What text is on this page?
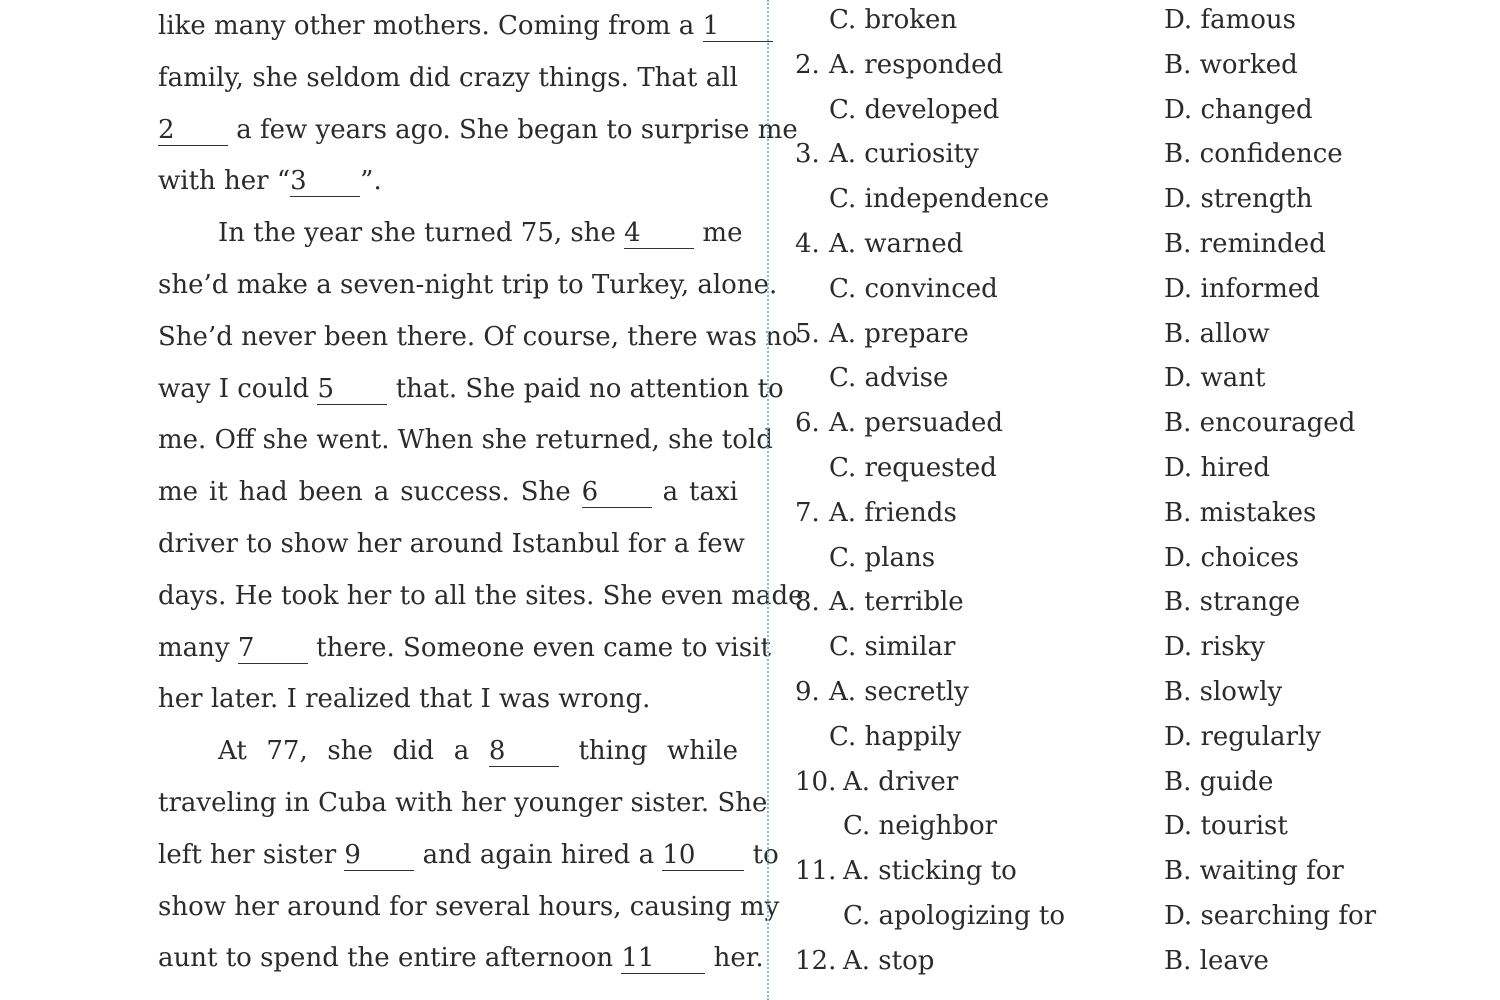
like many other mothers. Coming from a 1
family, she seldom did crazy things. That all
2 a few years ago. She began to surprise me
with her “3 ”.
In the year she turned 75, she 4 me
she’d make a seven-night trip to Turkey, alone.
She’d never been there. Of course, there was no
way I could 5 that. She paid no attention to
me. Off she went. When she returned, she told
me it had been a success. She 6 a taxi
driver to show her around Istanbul for a few
days. He took her to all the sites. She even made
many 7 there. Someone even came to visit
her later. I realized that I was wrong.
At 77, she did a 8 thing while
traveling in Cuba with her younger sister. She
left her sister 9 and again hired a 10 to
show her around for several hours, causing my
aunt to spend the entire afternoon 11 her.
C. broken	D. famous
2. A. responded	B. worked
C. developed	D. changed
3. A. curiosity	B. confidence
C. independence	D. strength
4. A. warned	B. reminded
C. convinced	D. informed
5. A. prepare	B. allow
C. advise	D. want
6. A. persuaded	B. encouraged
C. requested	D. hired
7. A. friends	B. mistakes
C. plans	D. choices
8. A. terrible	B. strange
C. similar	D. risky
9. A. secretly	B. slowly
C. happily	D. regularly
10. A. driver	B. guide
C. neighbor	D. tourist
11. A. sticking to	B. waiting for
C. apologizing to	D. searching for
12. A. stop	B. leave
